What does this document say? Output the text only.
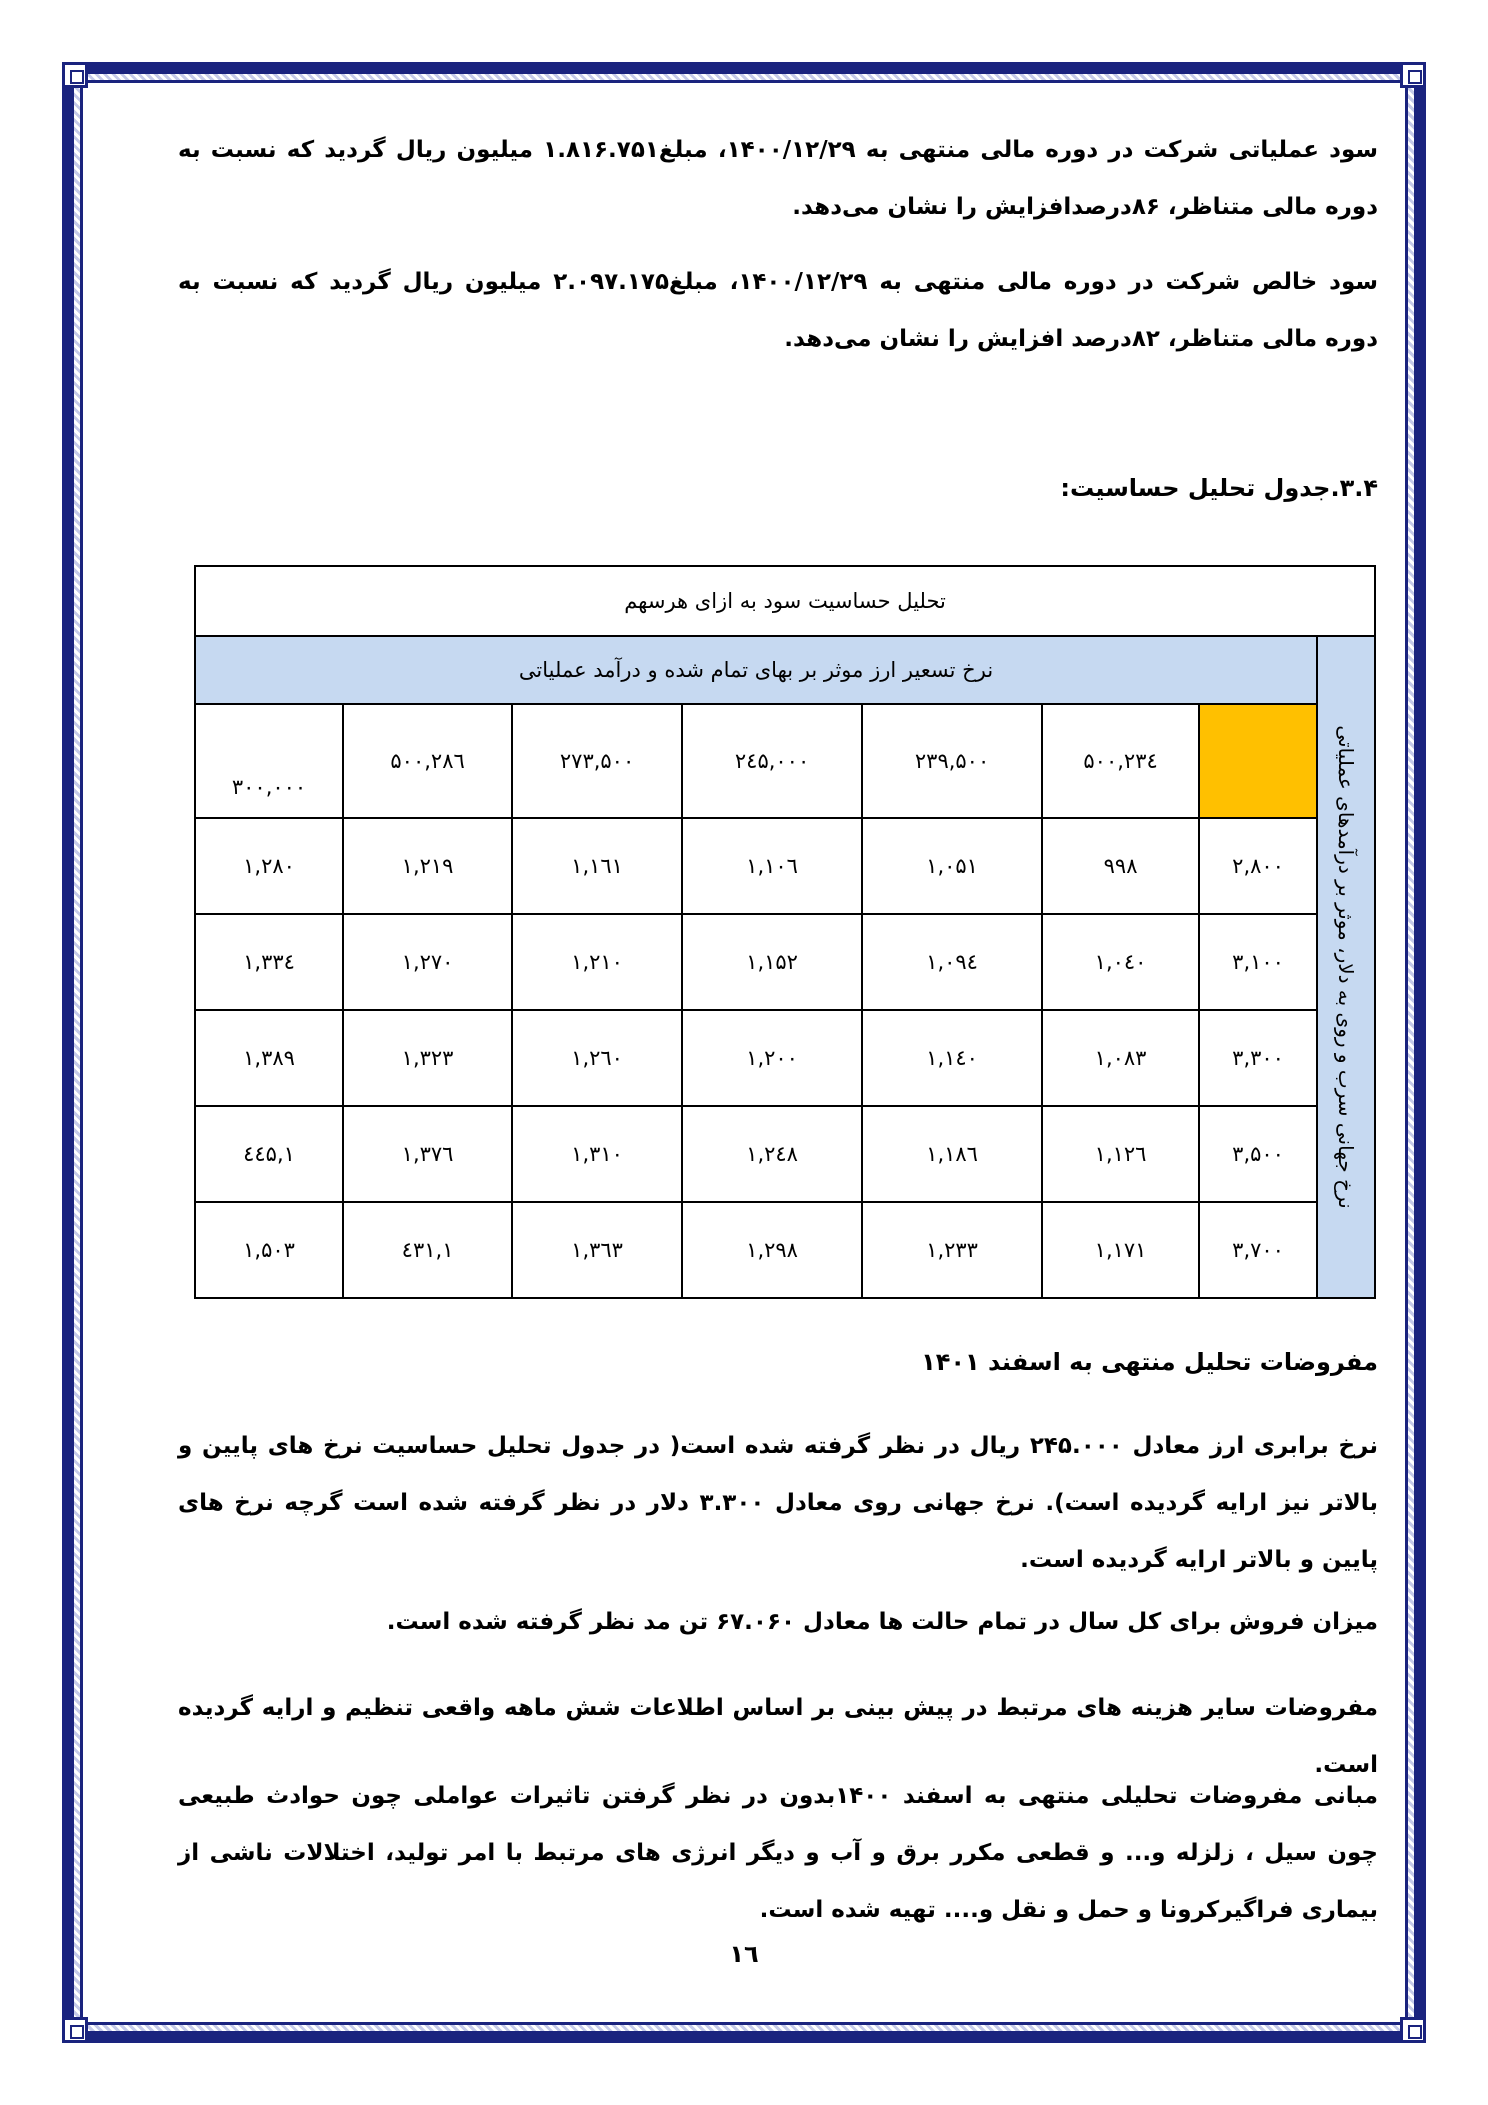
سود عملیاتی شرکت در دوره مالی منتهی به ۱۴۰۰/۱۲/۲۹، مبلغ۱.۸۱۶.۷۵۱ میلیون ریال گردید که نسبت به دوره مالی متناظر، ۸۶درصدافزایش را نشان می‌دهد.

سود خالص شرکت در دوره مالی منتهی به ۱۴۰۰/۱۲/۲۹، مبلغ۲.۰۹۷.۱۷۵ میلیون ریال گردید که نسبت به دوره مالی متناظر، ۸۲درصد افزایش را نشان می‌دهد.

۳.۴.جدول تحلیل حساسیت:

تحلیل حساسیت سود به ازای هرسهم							

نرخ جهانی سرب و روی به دلار، موثر بر درآمدهای عملیاتی	نرخ تسعیر ارز موثر بر بهای تمام شده و درآمد عملیاتی						
		۲۳٤,۵۰۰	۲۳۹,۵۰۰	۲٤۵,۰۰۰	۲۷۳,۵۰۰	۲۸٦,۵۰۰	۳۰۰,۰۰۰
	۲,۸۰۰	۹۹۸	۱,۰۵۱	۱,۱۰٦	۱,۱٦۱	۱,۲۱۹	۱,۲۸۰
	۳,۱۰۰	۱,۰٤۰	۱,۰۹٤	۱,۱۵۲	۱,۲۱۰	۱,۲۷۰	۱,۳۳٤
	۳,۳۰۰	۱,۰۸۳	۱,۱٤۰	۱,۲۰۰	۱,۲٦۰	۱,۳۲۳	۱,۳۸۹
	۳,۵۰۰	۱,۱۲٦	۱,۱۸٦	۱,۲٤۸	۱,۳۱۰	۱,۳۷٦	۱,٤٤۵
	۳,۷۰۰	۱,۱۷۱	۱,۲۳۳	۱,۲۹۸	۱,۳٦۳	۱,٤۳۱	۱,۵۰۳

مفروضات تحلیل منتهی به اسفند ۱۴۰۱

نرخ برابری ارز معادل ۲۴۵.۰۰۰ ریال در نظر گرفته شده است( در جدول تحلیل حساسیت نرخ های پایین و بالاتر نیز ارایه گردیده است). نرخ جهانی روی معادل ۳.۳۰۰ دلار در نظر گرفته شده است گرچه نرخ های پایین و بالاتر ارایه گردیده است.

میزان فروش برای کل سال در تمام حالت ها معادل ۶۷.۰۶۰ تن مد نظر گرفته شده است.

مفروضات سایر هزینه های مرتبط در پیش بینی بر اساس اطلاعات شش ماهه واقعی تنظیم و ارایه گردیده است.

مبانی مفروضات تحلیلی منتهی به اسفند ۱۴۰۰بدون در نظر گرفتن تاثیرات عواملی چون حوادث طبیعی چون سیل ، زلزله و... و قطعی مکرر برق و آب و دیگر انرژی های مرتبط با امر تولید، اختلالات ناشی از بیماری فراگیرکرونا و حمل و نقل و.... تهیه شده است.

۱٦
